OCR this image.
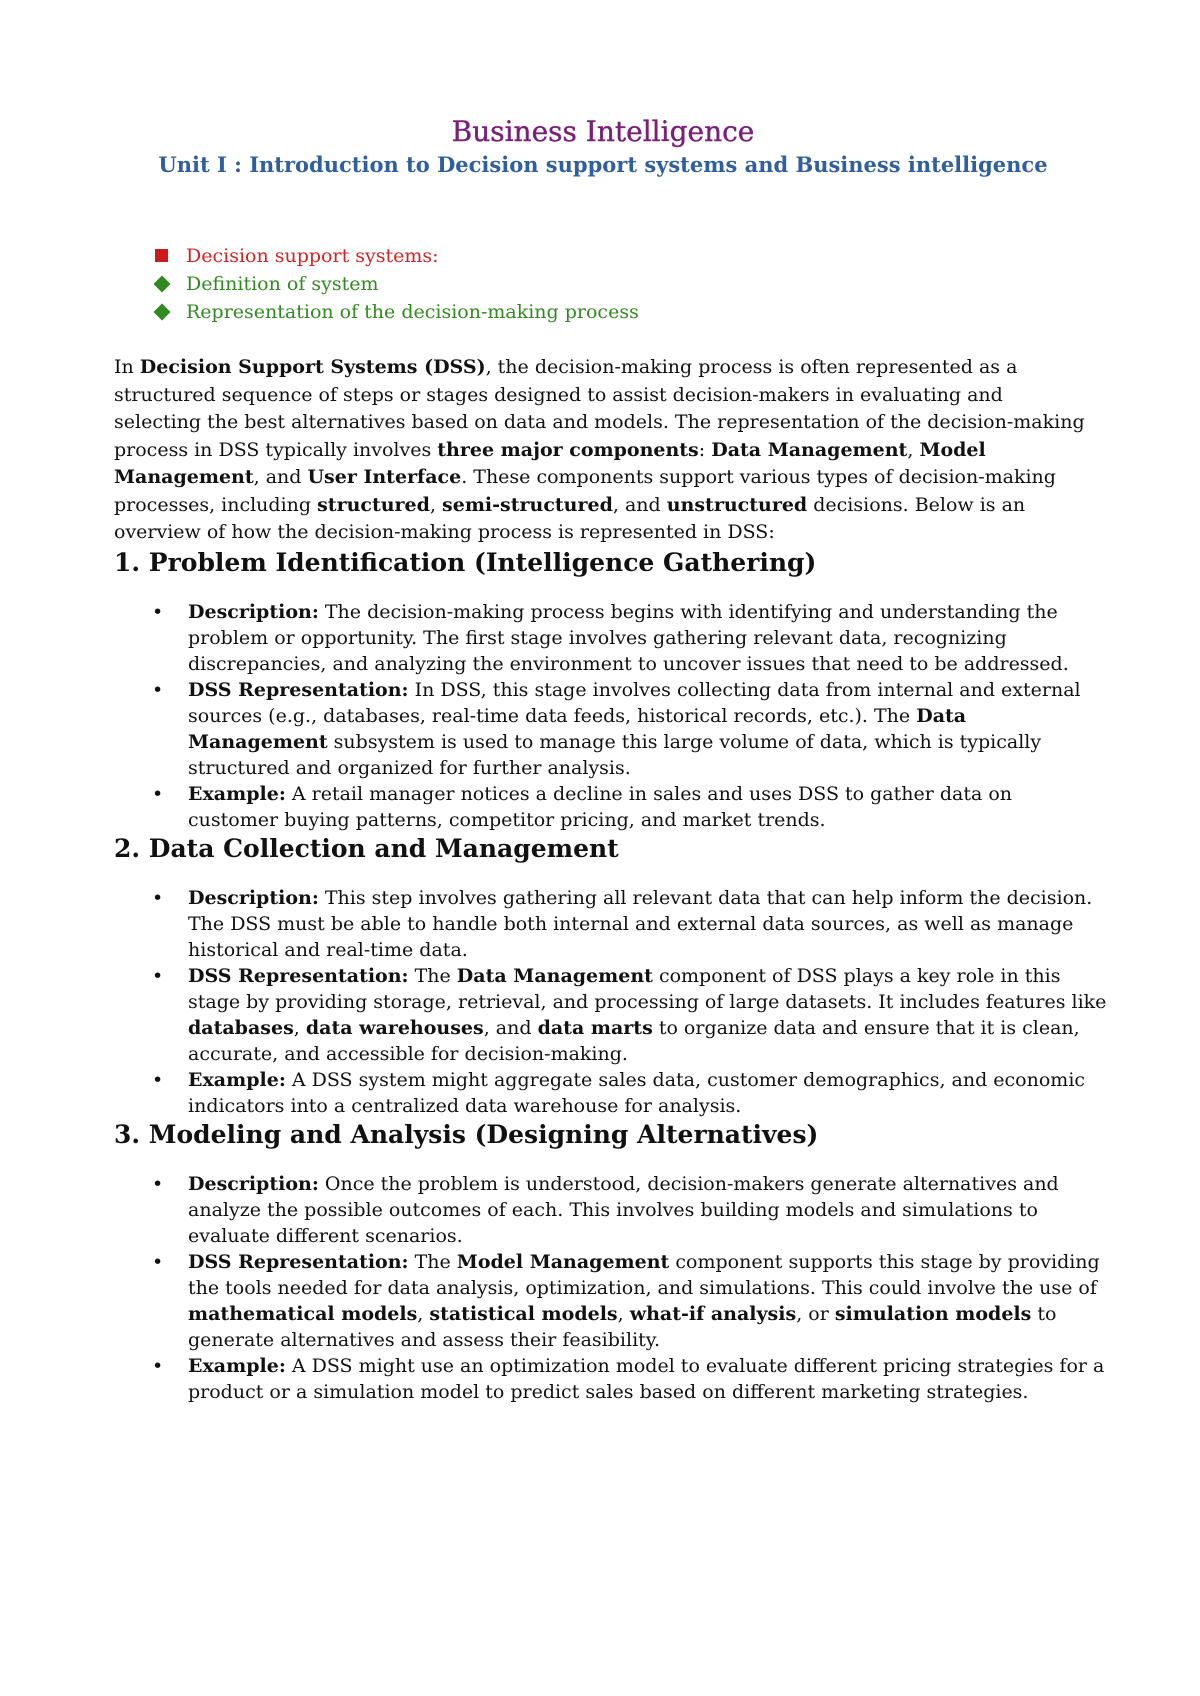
Business Intelligence
Unit I : Introduction to Decision support systems and Business intelligence
Decision support systems:
Definition of system
Representation of the decision-making process

In Decision Support Systems (DSS), the decision-making process is often represented as a structured sequence of steps or stages designed to assist decision-makers in evaluating and selecting the best alternatives based on data and models. The representation of the decision-making process in DSS typically involves three major components: Data Management, Model Management, and User Interface. These components support various types of decision-making processes, including structured, semi-structured, and unstructured decisions. Below is an overview of how the decision-making process is represented in DSS:

1. Problem Identification (Intelligence Gathering)
• Description: The decision-making process begins with identifying and understanding the problem or opportunity. The first stage involves gathering relevant data, recognizing discrepancies, and analyzing the environment to uncover issues that need to be addressed.
• DSS Representation: In DSS, this stage involves collecting data from internal and external sources (e.g., databases, real-time data feeds, historical records, etc.). The Data Management subsystem is used to manage this large volume of data, which is typically structured and organized for further analysis.
• Example: A retail manager notices a decline in sales and uses DSS to gather data on customer buying patterns, competitor pricing, and market trends.
2. Data Collection and Management
• Description: This step involves gathering all relevant data that can help inform the decision. The DSS must be able to handle both internal and external data sources, as well as manage historical and real-time data.
• DSS Representation: The Data Management component of DSS plays a key role in this stage by providing storage, retrieval, and processing of large datasets. It includes features like databases, data warehouses, and data marts to organize data and ensure that it is clean, accurate, and accessible for decision-making.
• Example: A DSS system might aggregate sales data, customer demographics, and economic indicators into a centralized data warehouse for analysis.
3. Modeling and Analysis (Designing Alternatives)
• Description: Once the problem is understood, decision-makers generate alternatives and analyze the possible outcomes of each. This involves building models and simulations to evaluate different scenarios.
• DSS Representation: The Model Management component supports this stage by providing the tools needed for data analysis, optimization, and simulations. This could involve the use of mathematical models, statistical models, what-if analysis, or simulation models to generate alternatives and assess their feasibility.
• Example: A DSS might use an optimization model to evaluate different pricing strategies for a product or a simulation model to predict sales based on different marketing strategies.
